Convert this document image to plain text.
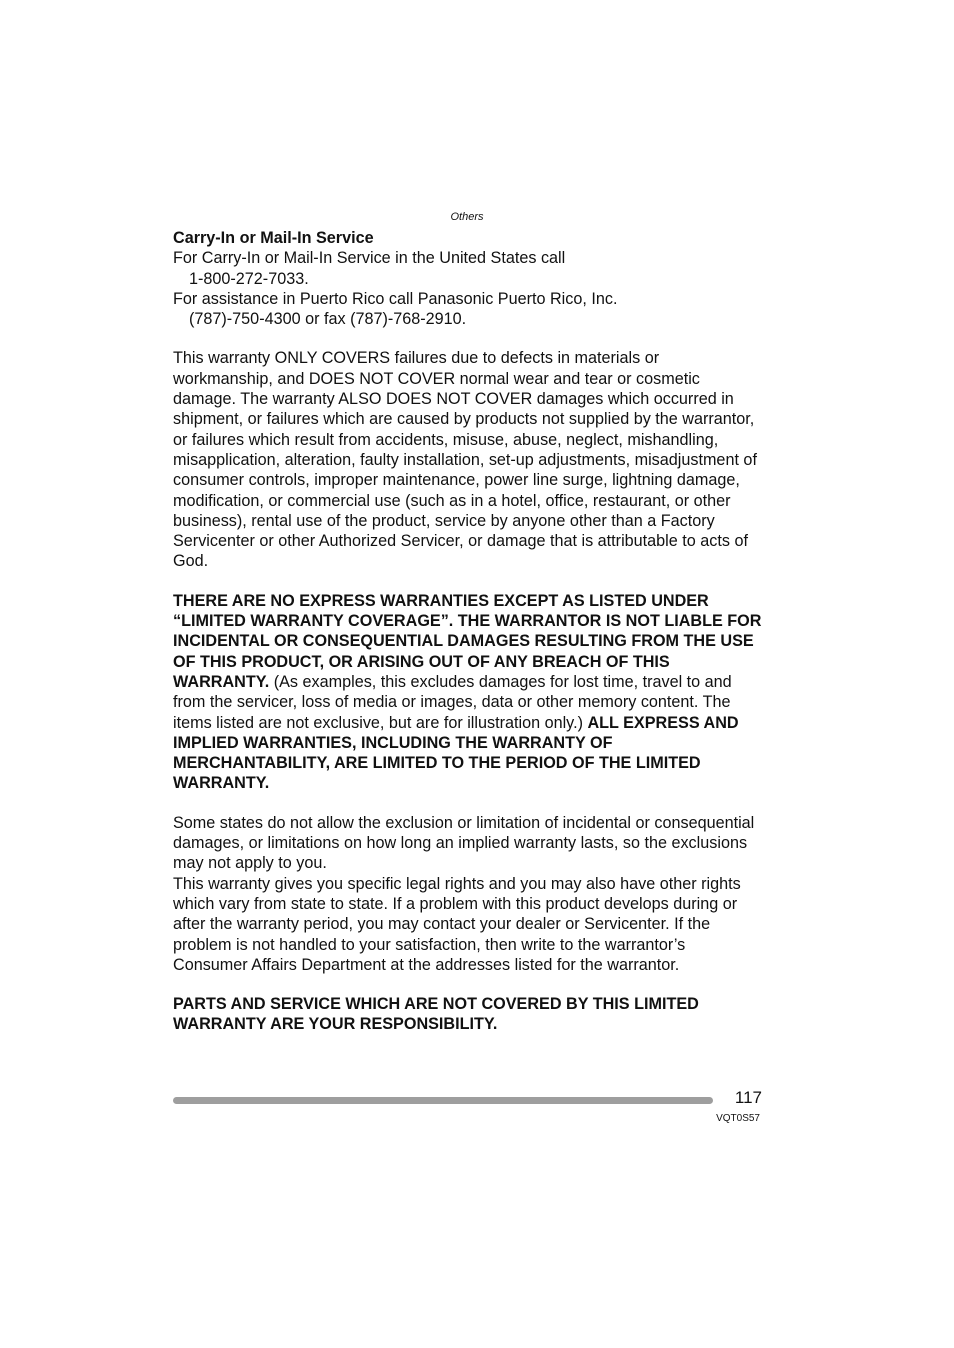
Others

Carry-In or Mail-In Service

For Carry-In or Mail-In Service in the United States call

1-800-272-7033.

For assistance in Puerto Rico call Panasonic Puerto Rico, Inc.

(787)-750-4300 or fax (787)-768-2910.

This warranty ONLY COVERS failures due to defects in materials or workmanship, and DOES NOT COVER normal wear and tear or cosmetic damage. The warranty ALSO DOES NOT COVER damages which occurred in shipment, or failures which are caused by products not supplied by the warrantor, or failures which result from accidents, misuse, abuse, neglect, mishandling, misapplication, alteration, faulty installation, set-up adjustments, misadjustment of consumer controls, improper maintenance, power line surge, lightning damage, modification, or commercial use (such as in a hotel, office, restaurant, or other business), rental use of the product, service by anyone other than a Factory Servicenter or other Authorized Servicer, or damage that is attributable to acts of God.

THERE ARE NO EXPRESS WARRANTIES EXCEPT AS LISTED UNDER “LIMITED WARRANTY COVERAGE”. THE WARRANTOR IS NOT LIABLE FOR INCIDENTAL OR CONSEQUENTIAL DAMAGES RESULTING FROM THE USE OF THIS PRODUCT, OR ARISING OUT OF ANY BREACH OF THIS WARRANTY. (As examples, this excludes damages for lost time, travel to and from the servicer, loss of media or images, data or other memory content. The items listed are not exclusive, but are for illustration only.) ALL EXPRESS AND IMPLIED WARRANTIES, INCLUDING THE WARRANTY OF MERCHANTABILITY, ARE LIMITED TO THE PERIOD OF THE LIMITED WARRANTY.

Some states do not allow the exclusion or limitation of incidental or consequential damages, or limitations on how long an implied warranty lasts, so the exclusions may not apply to you.

This warranty gives you specific legal rights and you may also have other rights which vary from state to state. If a problem with this product develops during or after the warranty period, you may contact your dealer or Servicenter. If the problem is not handled to your satisfaction, then write to the warrantor’s Consumer Affairs Department at the addresses listed for the warrantor.

PARTS AND SERVICE WHICH ARE NOT COVERED BY THIS LIMITED WARRANTY ARE YOUR RESPONSIBILITY.

117
VQT0S57
